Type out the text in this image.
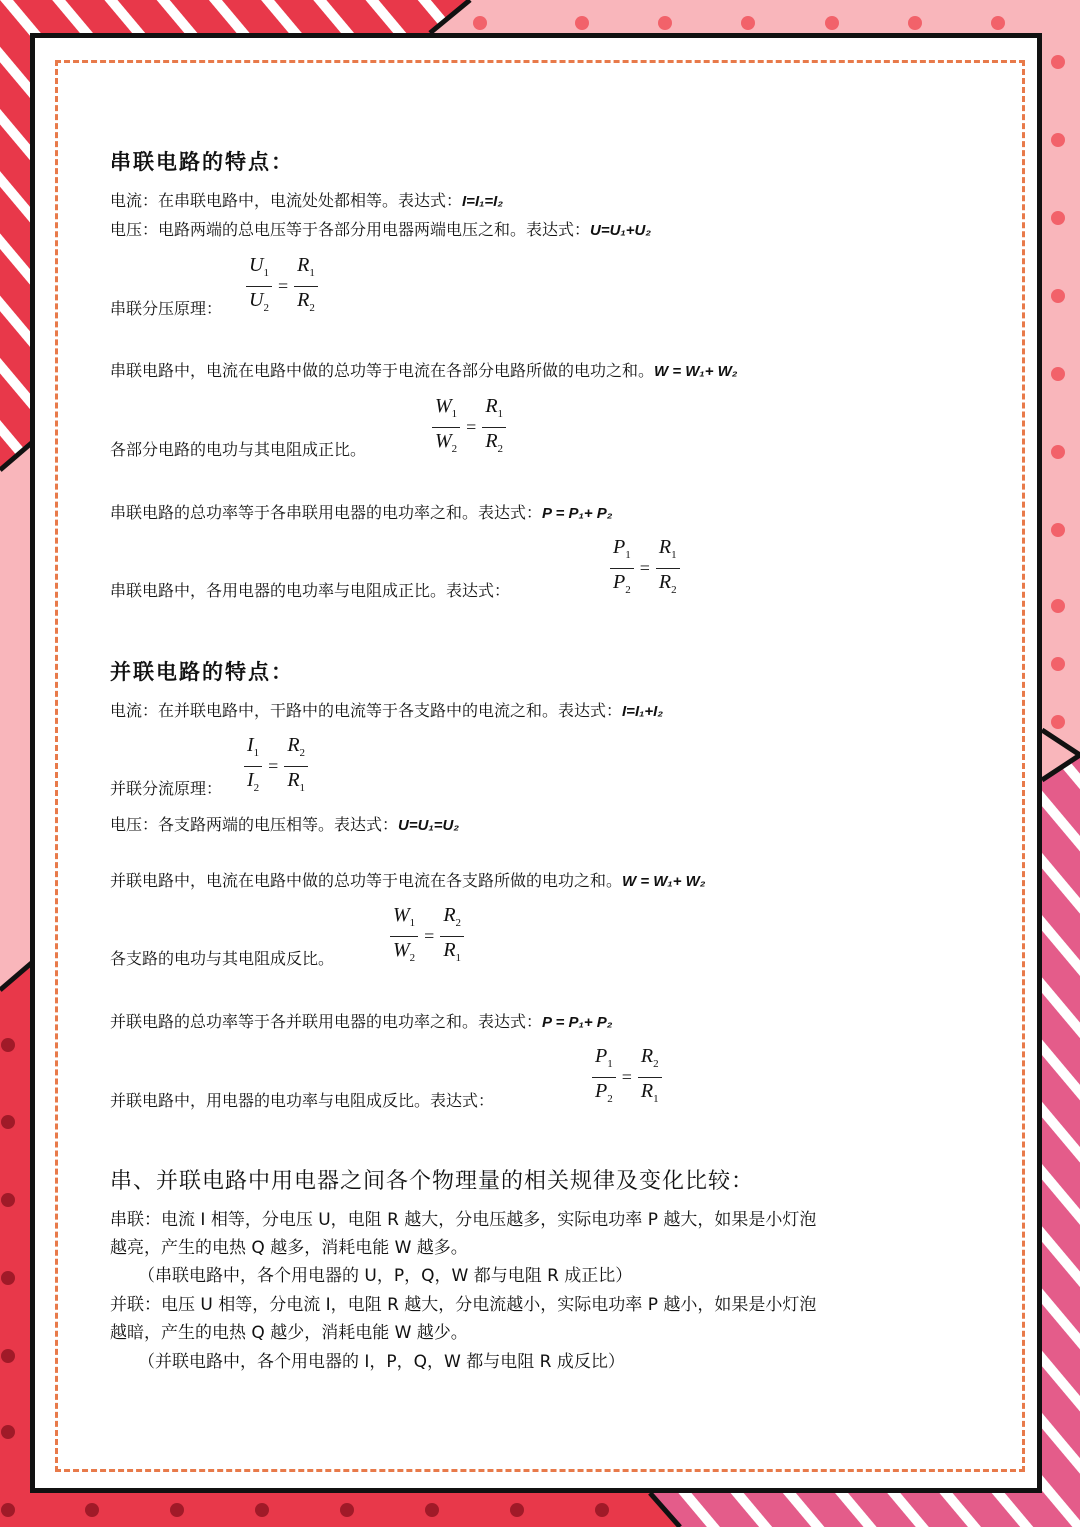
串联电路的特点：
电流：在串联电路中，电流处处都相等。表达式：I=I₁=I₂
电压：电路两端的总电压等于各部分用电器两端电压之和。表达式：U=U₁+U₂
串联分压原理： $\frac{U_1}{U_2} = \frac{R_1}{R_2}$
串联电路中，电流在电路中做的总功等于电流在各部分电路所做的电功之和。W = W₁+ W₂
各部分电路的电功与其电阻成正比。	$\frac{W_1}{W_2} = \frac{R_1}{R_2}$
串联电路的总功率等于各串联用电器的电功率之和。表达式：P = P₁+ P₂
串联电路中，各用电器的电功率与电阻成正比。表达式：	$\frac{P_1}{P_2} = \frac{R_1}{R_2}$
并联电路的特点：
电流：在并联电路中，干路中的电流等于各支路中的电流之和。表达式：I=I₁+I₂
并联分流原理： $\frac{I_1}{I_2} = \frac{R_2}{R_1}$
电压：各支路两端的电压相等。表达式：U=U₁=U₂
并联电路中，电流在电路中做的总功等于电流在各支路所做的电功之和。W = W₁+ W₂
各支路的电功与其电阻成反比。	$\frac{W_1}{W_2} = \frac{R_2}{R_1}$
并联电路的总功率等于各并联用电器的电功率之和。表达式：P = P₁+ P₂
并联电路中，用电器的电功率与电阻成反比。表达式：	$\frac{P_1}{P_2} = \frac{R_2}{R_1}$
串、并联电路中用电器之间各个物理量的相关规律及变化比较：
串联：电流 I 相等，分电压 U，电阻 R 越大，分电压越多，实际电功率 P 越大，如果是小灯泡
越亮，产生的电热 Q 越多，消耗电能 W 越多。
（串联电路中，各个用电器的 U，P，Q，W 都与电阻 R 成正比）
并联：电压 U 相等，分电流 I，电阻 R 越大，分电流越小，实际电功率 P 越小，如果是小灯泡
越暗，产生的电热 Q 越少，消耗电能 W 越少。
（并联电路中，各个用电器的 I，P，Q，W 都与电阻 R 成反比）
